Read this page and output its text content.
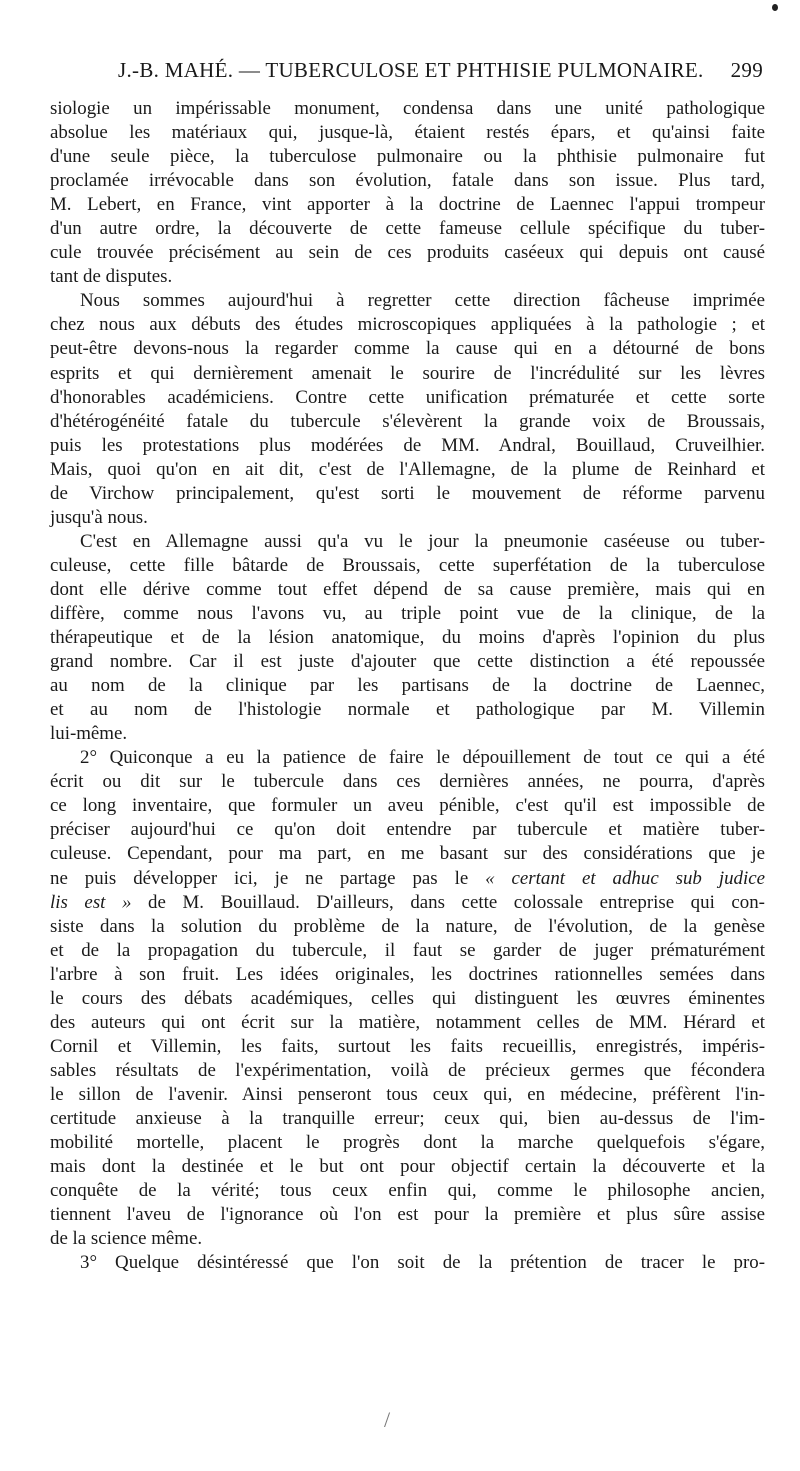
J.-B. MAHÉ. — TUBERCULOSE ET PHTHISIE PULMONAIRE. 299
siologie un impérissable monument, condensa dans une unité pathologique
absolue les matériaux qui, jusque-là, étaient restés épars, et qu'ainsi faite
d'une seule pièce, la tuberculose pulmonaire ou la phthisie pulmonaire fut
proclamée irrévocable dans son évolution, fatale dans son issue. Plus tard,
M. Lebert, en France, vint apporter à la doctrine de Laennec l'appui trompeur
d'un autre ordre, la découverte de cette fameuse cellule spécifique du tuber-
cule trouvée précisément au sein de ces produits caséeux qui depuis ont causé
tant de disputes.
Nous sommes aujourd'hui à regretter cette direction fâcheuse imprimée
chez nous aux débuts des études microscopiques appliquées à la pathologie ; et
peut-être devons-nous la regarder comme la cause qui en a détourné de bons
esprits et qui dernièrement amenait le sourire de l'incrédulité sur les lèvres
d'honorables académiciens. Contre cette unification prématurée et cette sorte
d'hétérogénéité fatale du tubercule s'élevèrent la grande voix de Broussais,
puis les protestations plus modérées de MM. Andral, Bouillaud, Cruveilhier.
Mais, quoi qu'on en ait dit, c'est de l'Allemagne, de la plume de Reinhard et
de Virchow principalement, qu'est sorti le mouvement de réforme parvenu
jusqu'à nous.
C'est en Allemagne aussi qu'a vu le jour la pneumonie caséeuse ou tuber-
culeuse, cette fille bâtarde de Broussais, cette superfétation de la tuberculose
dont elle dérive comme tout effet dépend de sa cause première, mais qui en
diffère, comme nous l'avons vu, au triple point vue de la clinique, de la
thérapeutique et de la lésion anatomique, du moins d'après l'opinion du plus
grand nombre. Car il est juste d'ajouter que cette distinction a été repoussée
au nom de la clinique par les partisans de la doctrine de Laennec,
et au nom de l'histologie normale et pathologique par M. Villemin
lui-même.
2° Quiconque a eu la patience de faire le dépouillement de tout ce qui a été
écrit ou dit sur le tubercule dans ces dernières années, ne pourra, d'après
ce long inventaire, que formuler un aveu pénible, c'est qu'il est impossible de
préciser aujourd'hui ce qu'on doit entendre par tubercule et matière tuber-
culeuse. Cependant, pour ma part, en me basant sur des considérations que je
ne puis développer ici, je ne partage pas le « certant et adhuc sub judice
lis est » de M. Bouillaud. D'ailleurs, dans cette colossale entreprise qui con-
siste dans la solution du problème de la nature, de l'évolution, de la genèse
et de la propagation du tubercule, il faut se garder de juger prématurément
l'arbre à son fruit. Les idées originales, les doctrines rationnelles semées dans
le cours des débats académiques, celles qui distinguent les œuvres éminentes
des auteurs qui ont écrit sur la matière, notamment celles de MM. Hérard et
Cornil et Villemin, les faits, surtout les faits recueillis, enregistrés, impéris-
sables résultats de l'expérimentation, voilà de précieux germes que fécondera
le sillon de l'avenir. Ainsi penseront tous ceux qui, en médecine, préfèrent l'in-
certitude anxieuse à la tranquille erreur; ceux qui, bien au-dessus de l'im-
mobilité mortelle, placent le progrès dont la marche quelquefois s'égare,
mais dont la destinée et le but ont pour objectif certain la découverte et la
conquête de la vérité; tous ceux enfin qui, comme le philosophe ancien,
tiennent l'aveu de l'ignorance où l'on est pour la première et plus sûre assise
de la science même.
3° Quelque désintéressé que l'on soit de la prétention de tracer le pro-
/
